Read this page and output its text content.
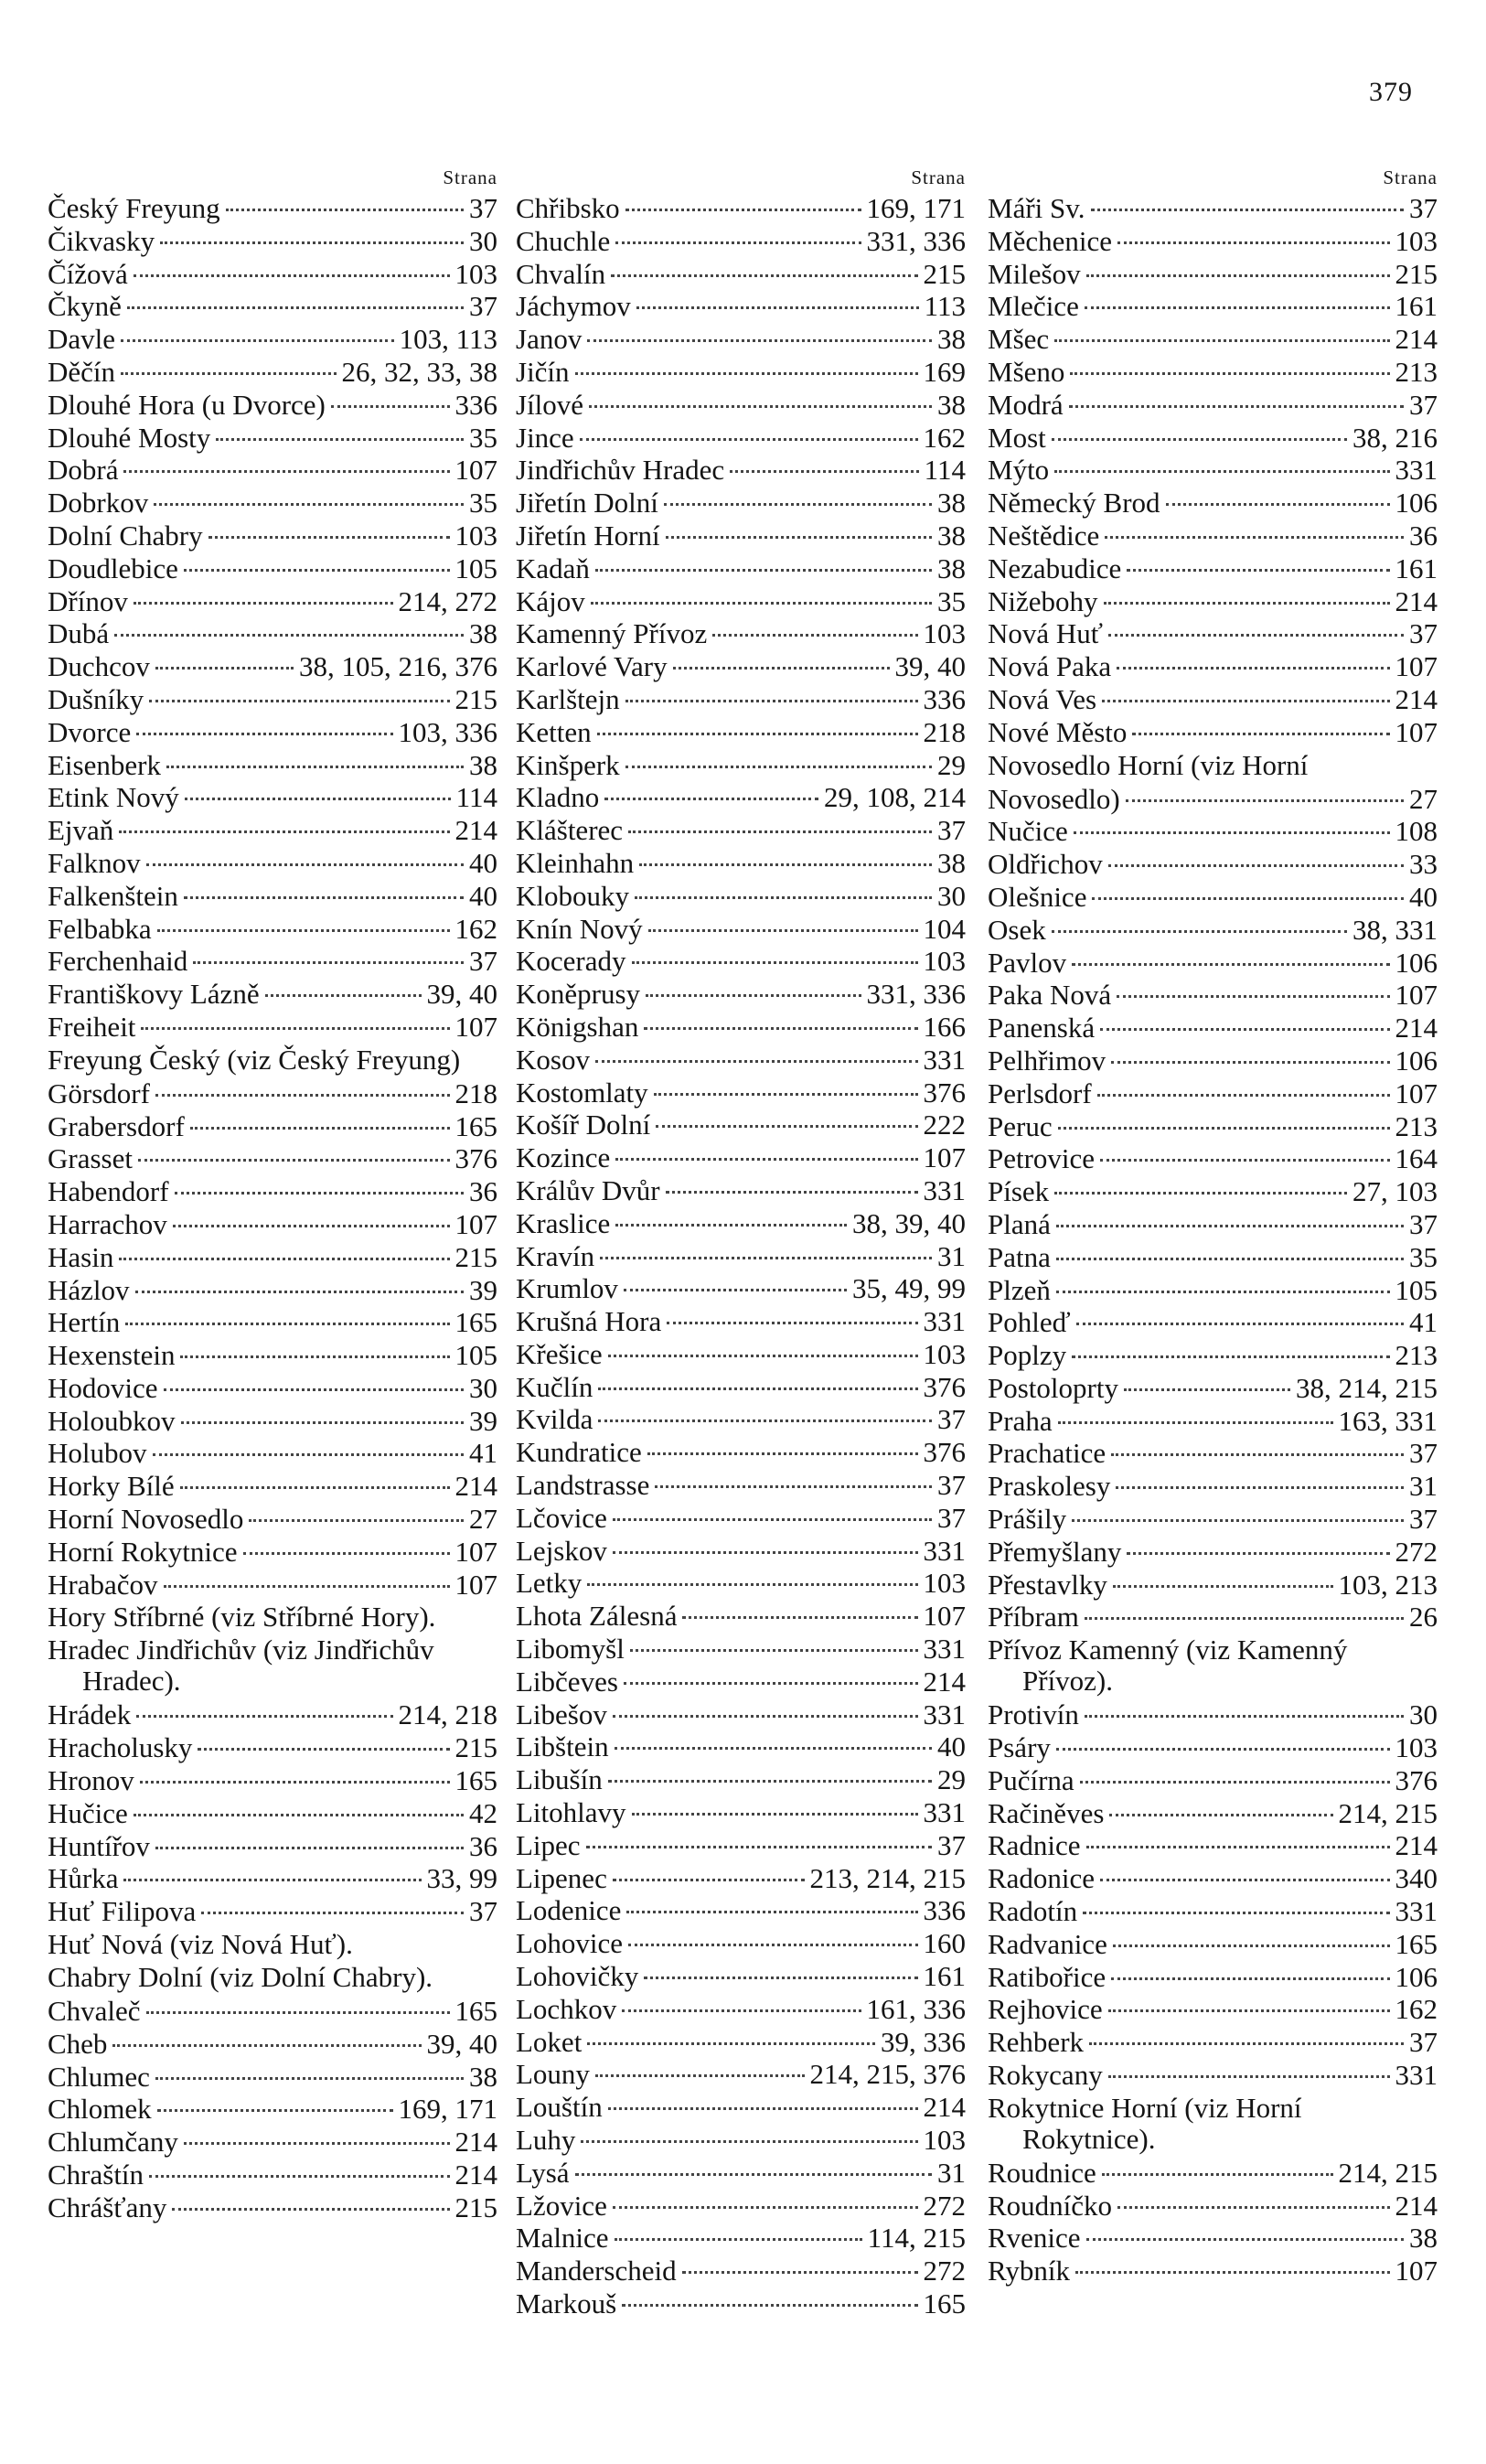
379
Strana
Český Freyung	37
Čikvasky	30
Čížová	103
Čkyně	37
Davle	103, 113
Děčín	26, 32, 33, 38
Dlouhé Hora (u Dvorce)	336
Dlouhé Mosty	35
Dobrá	107
Dobrkov	35
Dolní Chabry	103
Doudlebice	105
Dřínov	214, 272
Dubá	38
Duchcov	38, 105, 216, 376
Dušníky	215
Dvorce	103, 336
Eisenberk	38
Etink Nový	114
Ejvaň	214
Falknov	40
Falkenštein	40
Felbabka	162
Ferchenhaid	37
Františkovy Lázně	39, 40
Freiheit	107
Freyung Český (viz Český Freyung)
Görsdorf	218
Grabersdorf	165
Grasset	376
Habendorf	36
Harrachov	107
Hasin	215
Házlov	39
Hertín	165
Hexenstein	105
Hodovice	30
Holoubkov	39
Holubov	41
Horky Bílé	214
Horní Novosedlo	27
Horní Rokytnice	107
Hrabačov	107
Hory Stříbrné (viz Stříbrné Hory).
Hradec Jindřichův (viz Jindřichův Hradec).
Hrádek	214, 218
Hracholusky	215
Hronov	165
Hučice	42
Huntířov	36
Hůrka	33, 99
Huť Filipova	37
Huť Nová (viz Nová Huť).
Chabry Dolní (viz Dolní Chabry).
Chvaleč	165
Cheb	39, 40
Chlumec	38
Chlomek	169, 171
Chlumčany	214
Chraštín	214
Chrášťany	215
Strana
Chřibsko	169, 171
Chuchle	331, 336
Chvalín	215
Jáchymov	113
Janov	38
Jičín	169
Jílové	38
Jince	162
Jindřichův Hradec	114
Jiřetín Dolní	38
Jiřetín Horní	38
Kadaň	38
Kájov	35
Kamenný Přívoz	103
Karlové Vary	39, 40
Karlštejn	336
Ketten	218
Kinšperk	29
Kladno	29, 108, 214
Klášterec	37
Kleinhahn	38
Klobouky	30
Knín Nový	104
Kocerady	103
Koněprusy	331, 336
Königshan	166
Kosov	331
Kostomlaty	376
Košíř Dolní	222
Kozince	107
Králův Dvůr	331
Kraslice	38, 39, 40
Kravín	31
Krumlov	35, 49, 99
Krušná Hora	331
Křešice	103
Kučlín	376
Kvilda	37
Kundratice	376
Landstrasse	37
Lčovice	37
Lejskov	331
Letky	103
Lhota Zálesná	107
Libomyšl	331
Libčeves	214
Libešov	331
Libštein	40
Libušín	29
Litohlavy	331
Lipec	37
Lipenec	213, 214, 215
Lodenice	336
Lohovice	160
Lohovičky	161
Lochkov	161, 336
Loket	39, 336
Louny	214, 215, 376
Louštín	214
Luhy	103
Lysá	31
Lžovice	272
Malnice	114, 215
Manderscheid	272
Markouš	165
Strana
Máři Sv.	37
Měchenice	103
Milešov	215
Mlečice	161
Mšec	214
Mšeno	213
Modrá	37
Most	38, 216
Mýto	331
Německý Brod	106
Neštědice	36
Nezabudice	161
Nižebohy	214
Nová Huť	37
Nová Paka	107
Nová Ves	214
Nové Město	107
Novosedlo Horní (viz Horní
Novosedlo)	27
Nučice	108
Oldřichov	33
Olešnice	40
Osek	38, 331
Pavlov	106
Paka Nová	107
Panenská	214
Pelhřimov	106
Perlsdorf	107
Peruc	213
Petrovice	164
Písek	27, 103
Planá	37
Patna	35
Plzeň	105
Pohleď	41
Poplzy	213
Postoloprty	38, 214, 215
Praha	163, 331
Prachatice	37
Praskolesy	31
Prášily	37
Přemyšlany	272
Přestavlky	103, 213
Příbram	26
Přívoz Kamenný (viz Kamenný Přívoz).
Protivín	30
Psáry	103
Pučírna	376
Račiněves	214, 215
Radnice	214
Radonice	340
Radotín	331
Radvanice	165
Ratibořice	106
Rejhovice	162
Rehberk	37
Rokycany	331
Rokytnice Horní (viz Horní Rokytnice).
Roudnice	214, 215
Roudníčko	214
Rvenice	38
Rybník	107
